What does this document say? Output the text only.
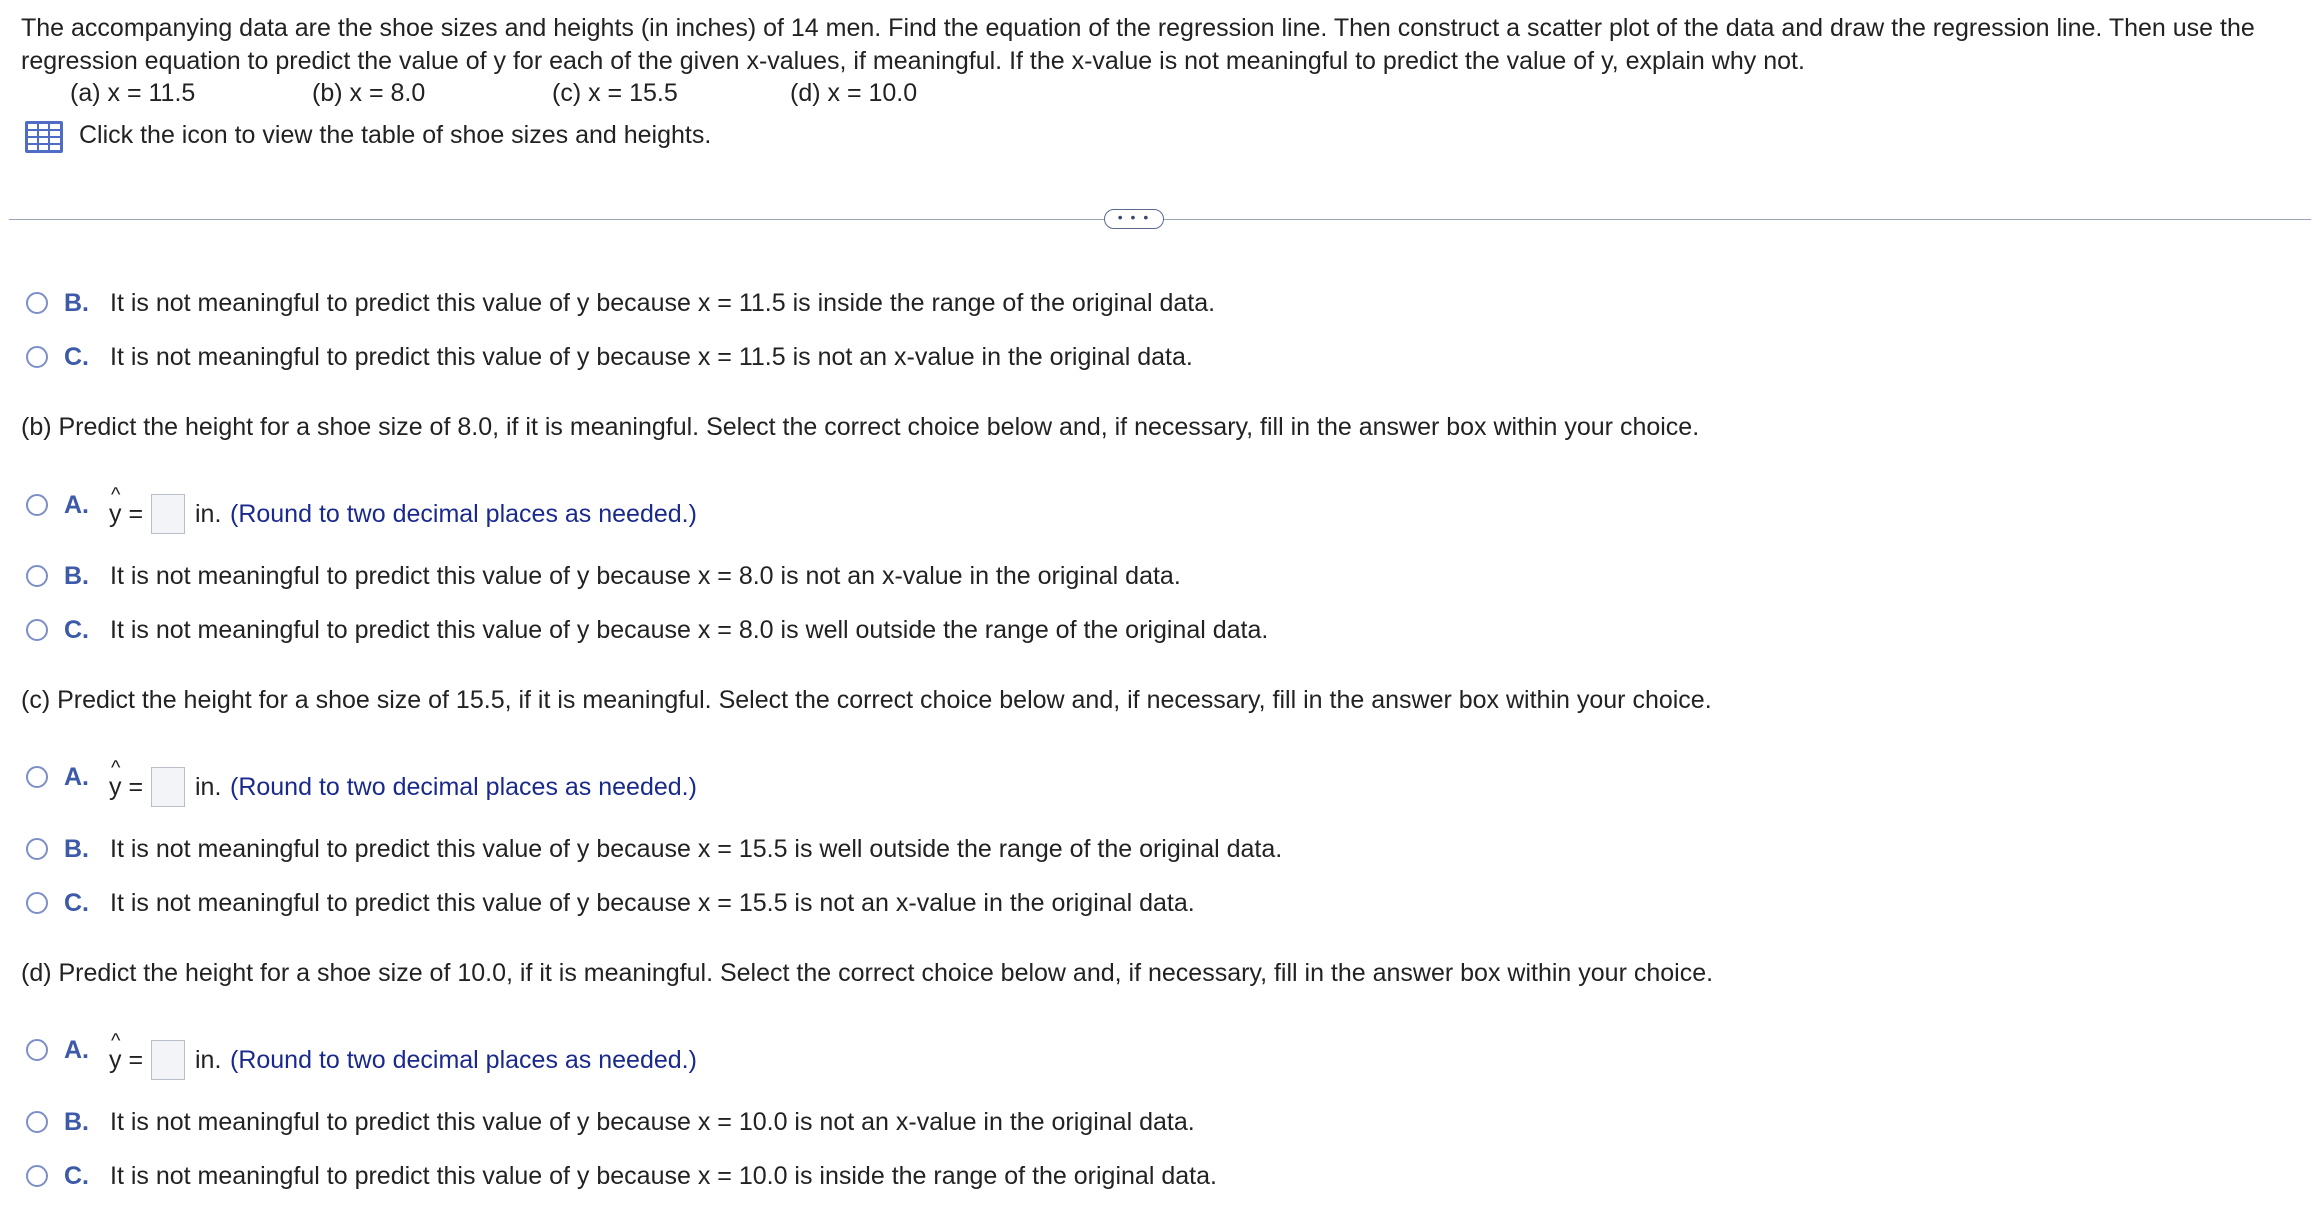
The accompanying data are the shoe sizes and heights (in inches) of 14 men. Find the equation of the regression line. Then construct a scatter plot of the data and draw the regression line. Then use the regression equation to predict the value of y for each of the given x-values, if meaningful. If the x-value is not meaningful to predict the value of y, explain why not.
(a) x = 11.5	(b) x = 8.0	(c) x = 15.5	(d) x = 10.0
Click the icon to view the table of shoe sizes and heights.
• • •
B. It is not meaningful to predict this value of y because x = 11.5 is inside the range of the original data.
C. It is not meaningful to predict this value of y because x = 11.5 is not an x-value in the original data.
(b) Predict the height for a shoe size of 8.0, if it is meaningful. Select the correct choice below and, if necessary, fill in the answer box within your choice.
A. ^
y = in. (Round to two decimal places as needed.)
B. It is not meaningful to predict this value of y because x = 8.0 is not an x-value in the original data.
C. It is not meaningful to predict this value of y because x = 8.0 is well outside the range of the original data.
(c) Predict the height for a shoe size of 15.5, if it is meaningful. Select the correct choice below and, if necessary, fill in the answer box within your choice.
A. ^
y = in. (Round to two decimal places as needed.)
B. It is not meaningful to predict this value of y because x = 15.5 is well outside the range of the original data.
C. It is not meaningful to predict this value of y because x = 15.5 is not an x-value in the original data.
(d) Predict the height for a shoe size of 10.0, if it is meaningful. Select the correct choice below and, if necessary, fill in the answer box within your choice.
A. ^
y = in. (Round to two decimal places as needed.)
B. It is not meaningful to predict this value of y because x = 10.0 is not an x-value in the original data.
C. It is not meaningful to predict this value of y because x = 10.0 is inside the range of the original data.
